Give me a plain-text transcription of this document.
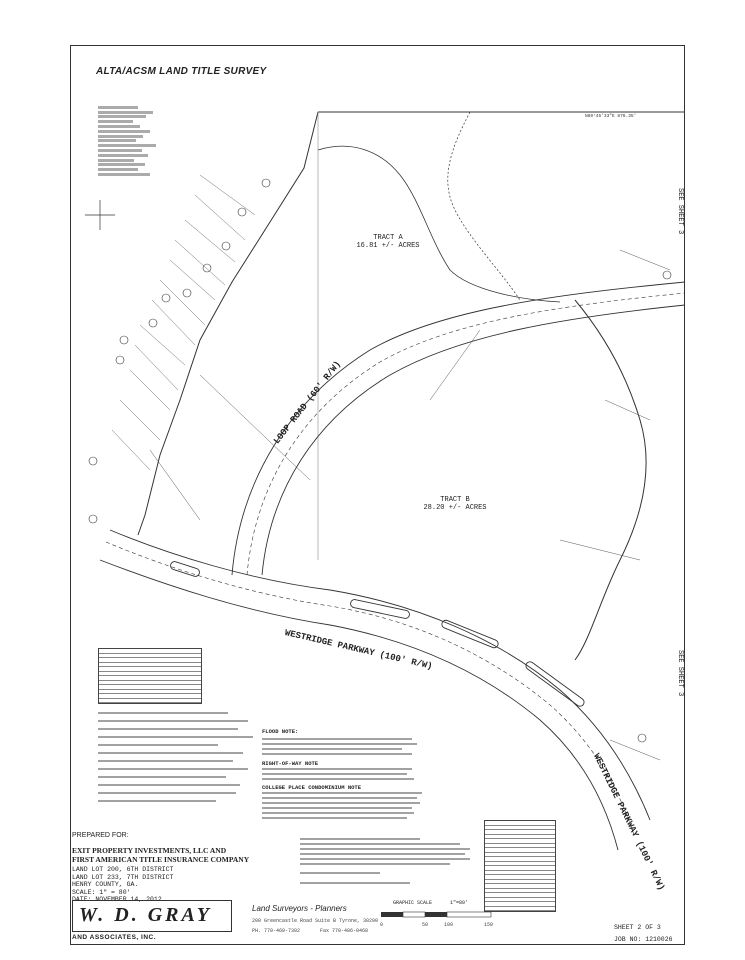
ALTA/ACSM LAND TITLE SURVEY
N89°45'33"E 876.35'
TRACT A
16.81 +/- ACRES
TRACT B
28.20 +/- ACRES
LOOP ROAD (60' R/W)
WESTRIDGE PARKWAY (100' R/W)
WESTRIDGE PARKWAY (100' R/W)
SEE SHEET 3
SEE SHEET 3
FLOOD NOTE:
RIGHT-OF-WAY NOTE
COLLEGE PLACE CONDOMINIUM NOTE
PREPARED FOR:
EXIT PROPERTY INVESTMENTS, LLC AND
FIRST AMERICAN TITLE INSURANCE COMPANY
LAND LOT 200, 6TH DISTRICT
LAND LOT 233, 7TH DISTRICT
HENRY COUNTY, GA.
SCALE: 1" = 80'
DATE: NOVEMBER 14, 2012
W. D. GRAY
AND ASSOCIATES, INC.
Land Surveyors - Planners
200 Greencastle Road Suite B Tyrone, 30290
PH. 770-460-7302	Fax 770-486-0468
GRAPHIC SCALE	1"=80'
0	50	100	150	SHEET 2 OF 3
JOB NO: 1210026
